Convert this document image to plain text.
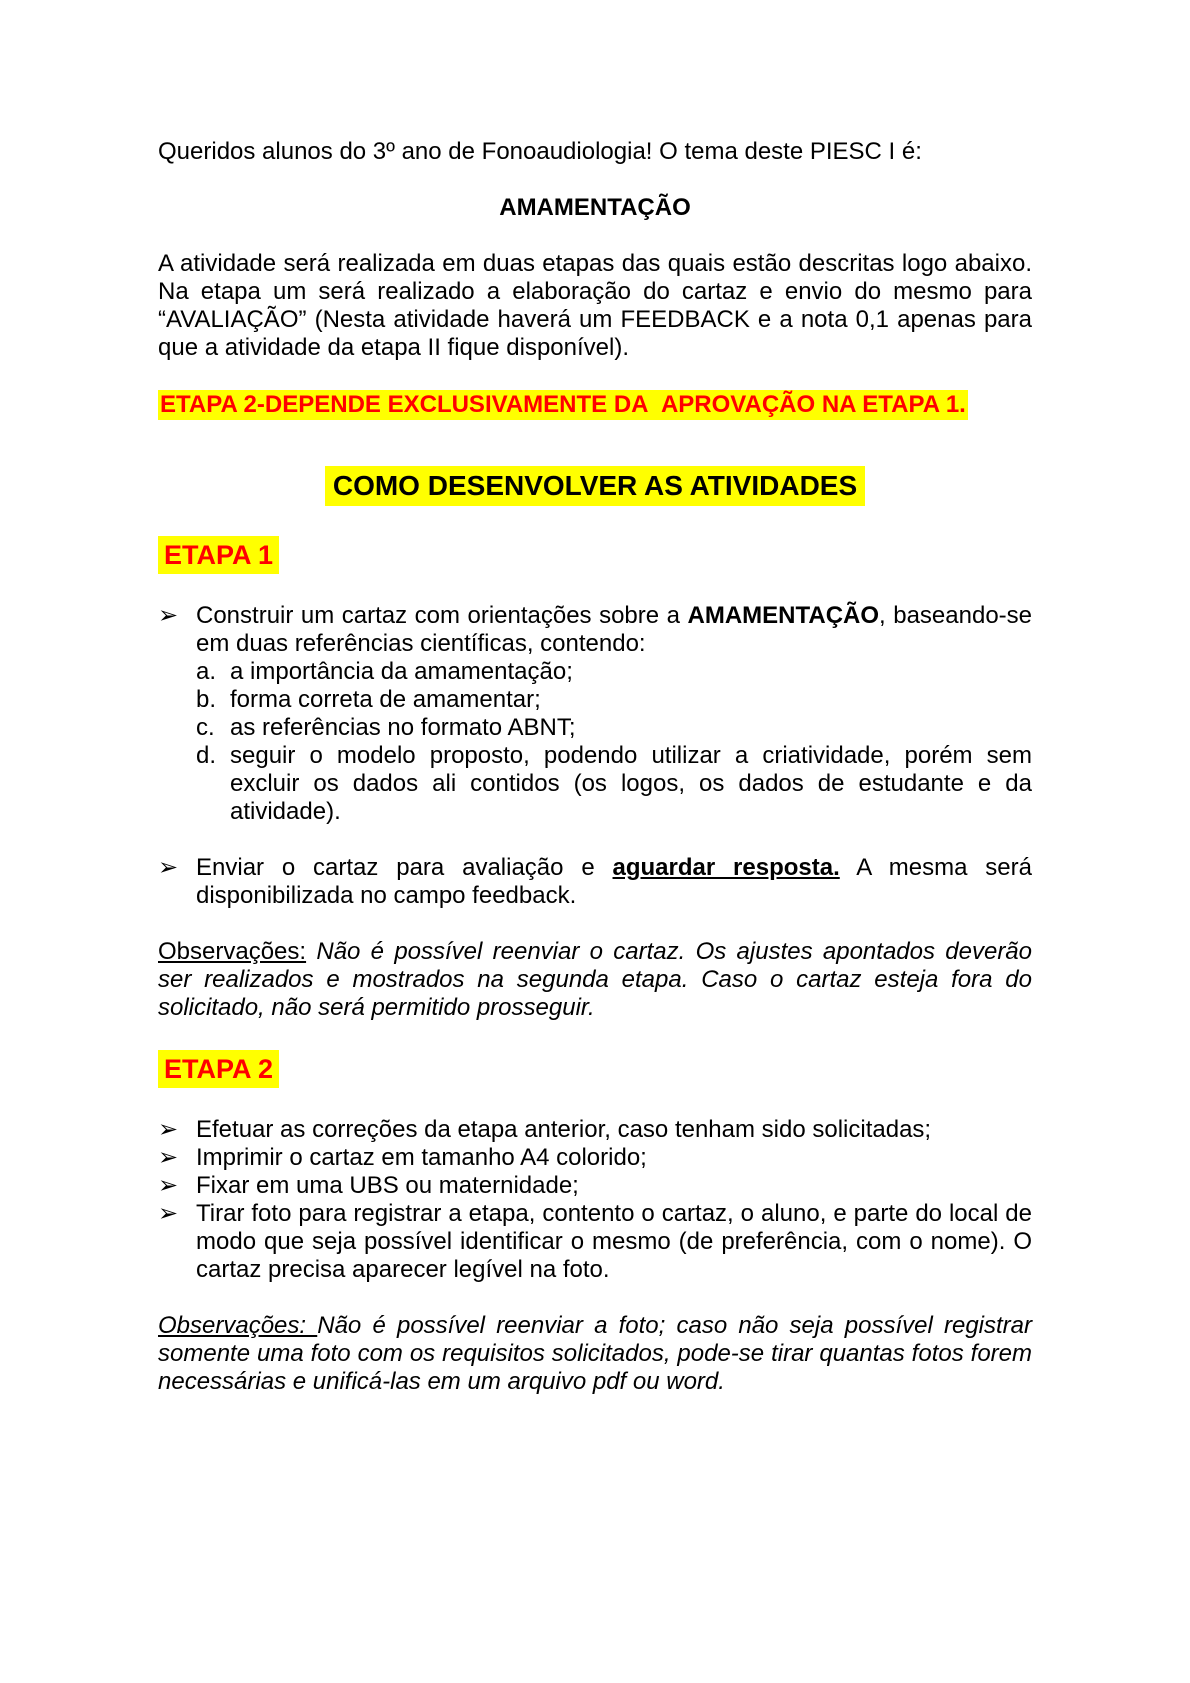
Queridos alunos do 3º ano de Fonoaudiologia! O tema deste PIESC I é:

AMAMENTAÇÃO

A atividade será realizada em duas etapas das quais estão descritas logo abaixo. Na etapa um será realizado a elaboração do cartaz e envio do mesmo para “AVALIAÇÃO” (Nesta atividade haverá um FEEDBACK e a nota 0,1 apenas para que a atividade da etapa II fique disponível).

ETAPA 2-DEPENDE EXCLUSIVAMENTE DA  APROVAÇÃO NA ETAPA 1.
COMO DESENVOLVER AS ATIVIDADES
ETAPA 1
➢ Construir um cartaz com orientações sobre a AMAMENTAÇÃO, baseando-se em duas referências científicas, contendo:
a. a importância da amamentação;
b. forma correta de amamentar;
c. as referências no formato ABNT;
d. seguir o modelo proposto, podendo utilizar a criatividade, porém sem excluir os dados ali contidos (os logos, os dados de estudante e da atividade).
➢ Enviar o cartaz para avaliação e aguardar resposta. A mesma será disponibilizada no campo feedback.

Observações: Não é possível reenviar o cartaz. Os ajustes apontados deverão ser realizados e mostrados na segunda etapa. Caso o cartaz esteja fora do solicitado, não será permitido prosseguir.

ETAPA 2
➢ Efetuar as correções da etapa anterior, caso tenham sido solicitadas;
➢ Imprimir o cartaz em tamanho A4 colorido;
➢ Fixar em uma UBS ou maternidade;
➢ Tirar foto para registrar a etapa, contento o cartaz, o aluno, e parte do local de modo que seja possível identificar o mesmo (de preferência, com o nome). O cartaz precisa aparecer legível na foto.

Observações: Não é possível reenviar a foto; caso não seja possível registrar somente uma foto com os requisitos solicitados, pode-se tirar quantas fotos forem necessárias e unificá-las em um arquivo pdf ou word.
